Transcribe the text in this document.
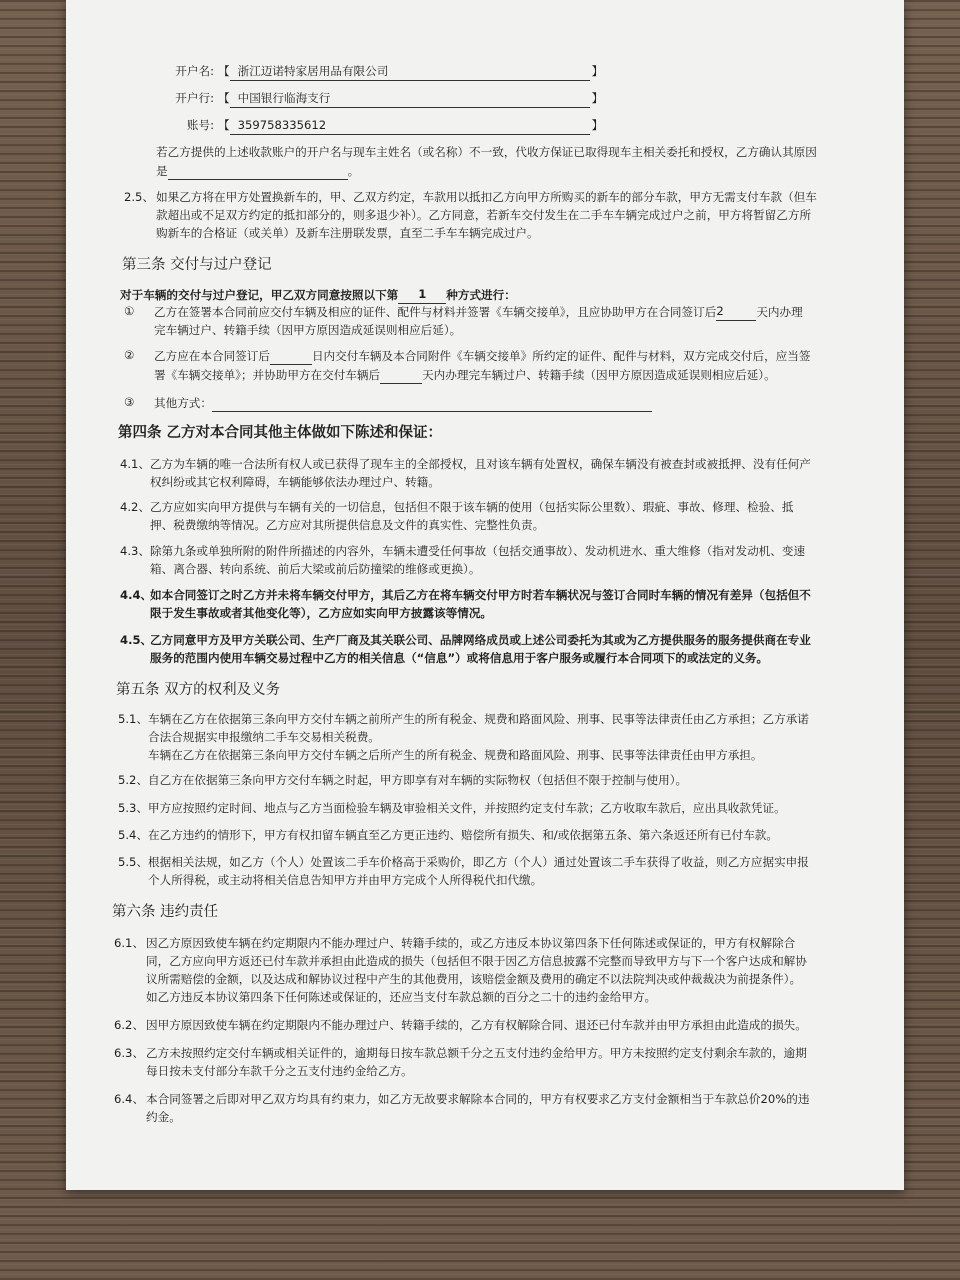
开户名: 【 浙江迈诺特家居用品有限公司	】
开户行: 【 中国银行临海支行	】
账号: 【 359758335612	】
若乙方提供的上述收款账户的开户名与现车主姓名（或名称）不一致，代收方保证已取得现车主相关委托和授权，乙方确认其原因
是	。
2.5、 如果乙方将在甲方处置换新车的，甲、乙双方约定，车款用以抵扣乙方向甲方所购买的新车的部分车款，甲方无需支付车款（但车
款超出或不足双方约定的抵扣部分的，则多退少补）。乙方同意，若新车交付发生在二手车车辆完成过户之前，甲方将暂留乙方所
购新车的合格证（或关单）及新车注册联发票，直至二手车车辆完成过户。
第三条 交付与过户登记
对于车辆的交付与过户登记，甲乙双方同意按照以下第 1 种方式进行：
① 乙方在签署本合同前应交付车辆及相应的证件、配件与材料并签署《车辆交接单》，且应协助甲方在合同签订后2	天内办理
完车辆过户、转籍手续（因甲方原因造成延误则相应后延）。
② 乙方应在本合同签订后	日内交付车辆及本合同附件《车辆交接单》所约定的证件、配件与材料，双方完成交付后，应当签
署《车辆交接单》；并协助甲方在交付车辆后	天内办理完车辆过户、转籍手续（因甲方原因造成延误则相应后延）。
③ 其他方式：
第四条 乙方对本合同其他主体做如下陈述和保证：
4.1、 乙方为车辆的唯一合法所有权人或已获得了现车主的全部授权，且对该车辆有处置权，确保车辆没有被查封或被抵押、没有任何产
权纠纷或其它权利障碍，车辆能够依法办理过户、转籍。
4.2、 乙方应如实向甲方提供与车辆有关的一切信息，包括但不限于该车辆的使用（包括实际公里数）、瑕疵、事故、修理、检验、抵
押、税费缴纳等情况。乙方应对其所提供信息及文件的真实性、完整性负责。
4.3、 除第九条或单独所附的附件所描述的内容外，车辆未遭受任何事故（包括交通事故）、发动机进水、重大维修（指对发动机、变速
箱、离合器、转向系统、前后大梁或前后防撞梁的维修或更换）。
4.4、
如本合同签订之时乙方并未将车辆交付甲方，其后乙方在将车辆交付甲方时若车辆状况与签订合同时车辆的情况有差异（包括但不
限于发生事故或者其他变化等），乙方应如实向甲方披露该等情况。
4.5、
乙方同意甲方及甲方关联公司、生产厂商及其关联公司、品牌网络成员或上述公司委托为其或为乙方提供服务的服务提供商在专业
服务的范围内使用车辆交易过程中乙方的相关信息（“信息”）或将信息用于客户服务或履行本合同项下的或法定的义务。
第五条 双方的权利及义务
5.1、 车辆在乙方在依据第三条向甲方交付车辆之前所产生的所有税金、规费和路面风险、刑事、民事等法律责任由乙方承担；乙方承诺
合法合规据实申报缴纳二手车交易相关税费。
车辆在乙方在依据第三条向甲方交付车辆之后所产生的所有税金、规费和路面风险、刑事、民事等法律责任由甲方承担。
5.2、 自乙方在依据第三条向甲方交付车辆之时起，甲方即享有对车辆的实际物权（包括但不限于控制与使用）。
5.3、 甲方应按照约定时间、地点与乙方当面检验车辆及审验相关文件，并按照约定支付车款；乙方收取车款后，应出具收款凭证。
5.4、 在乙方违约的情形下，甲方有权扣留车辆直至乙方更正违约、赔偿所有损失、和/或依据第五条、第六条返还所有已付车款。
5.5、 根据相关法规，如乙方（个人）处置该二手车价格高于采购价，即乙方（个人）通过处置该二手车获得了收益，则乙方应据实申报
个人所得税，或主动将相关信息告知甲方并由甲方完成个人所得税代扣代缴。
第六条 违约责任
6.1、 因乙方原因致使车辆在约定期限内不能办理过户、转籍手续的，或乙方违反本协议第四条下任何陈述或保证的，甲方有权解除合
同，乙方应向甲方返还已付车款并承担由此造成的损失（包括但不限于因乙方信息披露不完整而导致甲方与下一个客户达成和解协
议所需赔偿的金额，以及达成和解协议过程中产生的其他费用，该赔偿金额及费用的确定不以法院判决或仲裁裁决为前提条件）。
如乙方违反本协议第四条下任何陈述或保证的，还应当支付车款总额的百分之二十的违约金给甲方。
6.2、 因甲方原因致使车辆在约定期限内不能办理过户、转籍手续的，乙方有权解除合同、退还已付车款并由甲方承担由此造成的损失。
6.3、 乙方未按照约定交付车辆或相关证件的，逾期每日按车款总额千分之五支付违约金给甲方。甲方未按照约定支付剩余车款的，逾期
每日按未支付部分车款千分之五支付违约金给乙方。
6.4、 本合同签署之后即对甲乙双方均具有约束力，如乙方无故要求解除本合同的，甲方有权要求乙方支付金额相当于车款总价20%的违
约金。
